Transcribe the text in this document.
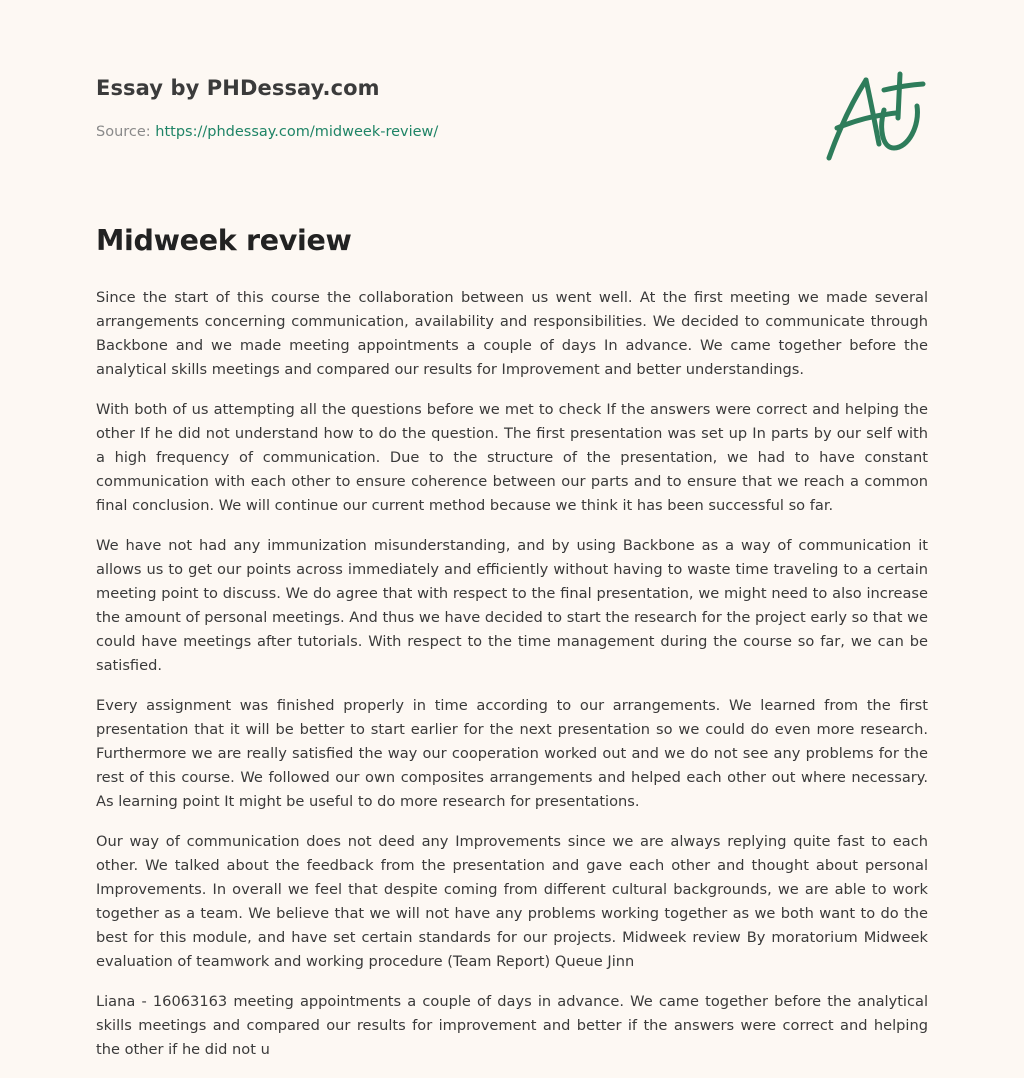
Essay by PHDessay.com
Source: https://phdessay.com/midweek-review/
Midweek review

Since the start of this course the collaboration between us went well. At the first meeting we made several arrangements concerning communication, availability and responsibilities. We decided to communicate through Backbone and we made meeting appointments a couple of days In advance. We came together before the analytical skills meetings and compared our results for Improvement and better understandings.

With both of us attempting all the questions before we met to check If the answers were correct and helping the other If he did not understand how to do the question. The first presentation was set up In parts by our self with a high frequency of communication. Due to the structure of the presentation, we had to have constant communication with each other to ensure coherence between our parts and to ensure that we reach a common final conclusion. We will continue our current method because we think it has been successful so far.

We have not had any immunization misunderstanding, and by using Backbone as a way of communication it allows us to get our points across immediately and efficiently without having to waste time traveling to a certain meeting point to discuss. We do agree that with respect to the final presentation, we might need to also increase the amount of personal meetings. And thus we have decided to start the research for the project early so that we could have meetings after tutorials. With respect to the time management during the course so far, we can be satisfied.

Every assignment was finished properly in time according to our arrangements. We learned from the first presentation that it will be better to start earlier for the next presentation so we could do even more research. Furthermore we are really satisfied the way our cooperation worked out and we do not see any problems for the rest of this course. We followed our own composites arrangements and helped each other out where necessary. As learning point It might be useful to do more research for presentations.

Our way of communication does not deed any Improvements since we are always replying quite fast to each other. We talked about the feedback from the presentation and gave each other and thought about personal Improvements. In overall we feel that despite coming from different cultural backgrounds, we are able to work together as a team. We believe that we will not have any problems working together as we both want to do the best for this module, and have set certain standards for our projects. Midweek review By moratorium Midweek evaluation of teamwork and working procedure (Team Report) Queue Jinn

Liana - 16063163 meeting appointments a couple of days in advance. We came together before the analytical skills meetings and compared our results for improvement and better if the answers were correct and helping the other if he did not u
